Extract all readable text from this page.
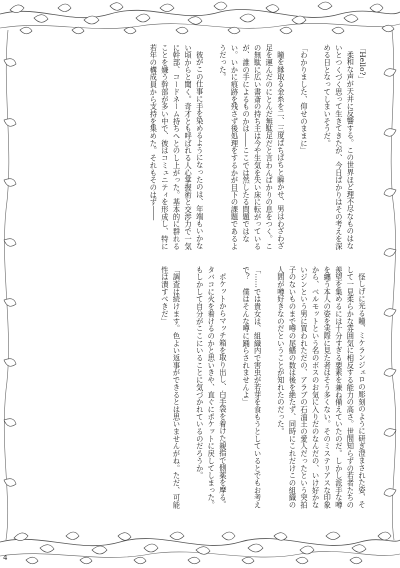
「Hello?」

柔和な声が天井に反響する。この世界ほど理不尽なものはないとつくづく思って生きてきたが、今日ばかりはその考えを深める日となってしまいそうだ。

「わかりました、仰せのままに」

瞳を縁取る金糸を二、三度ぱちぱちと瞬かせ、男はわざわざ足を運んだのにとんだ無駄足だと言わんばかりの息をつく。この無駄に広い書斎の持ち主は今や生気を失い床に転がっているが、誰の手によるものかは――ここでは然したる問題ではない。いかに痕跡を残さず後処理をするかが目下の課題であるようだった。

彼がこの仕事に手を染めるようになったのは、年端もいかない頃からと聞く。奇才とも呼ばれる人心掌握術と交渉力で一気に幹部、コードネーム持ちへとのし上がった。基本的に群れることを嫌う幹部が多い中で、彼はコミュニティを形成し、特に若年の構成員から支持を集めた。それもそのはず――

怪しげに光る瞳、ミケランジェロの彫刻のように研ぎ澄まされた姿、そして一見柔らかな雰囲気に相反する能力の高さ。世間知らずの若者たちの羨望を集めるには十分すぎる要素を兼ね備えていたのだ。しかし派手な噂を纏う本人の姿を実際に見た者はそう多くない。そのミステリアスな印象から、ベルモットという名のボスのお気に入りだのなんだの、いけ好かないジンという男に買われただの、アラブの石油王の愛人だったという突拍子のないものまで噂の尾鰭の数は後を絶たず、同時にこれだけこの組織の人間が噂好きなのだということが知れたのだった。

「……では貴女は、組織内で害虫が若芽を食もうとしているとでもお考えで？　僕はそんな噂に踊らされませんよ」

ポケットからマッチ箱を取り出し、白手袋を着けた親指で側薬を摩る。タバコに火を着けるのかと思いきや、直ぐにポケットに戻してしまった。もしかして自分がここにいることに気づかれているのだろうか。

「調査は続けます。色よい返事ができるとは思いませんがね。ただ、可能性は潰すべきだ」

4
